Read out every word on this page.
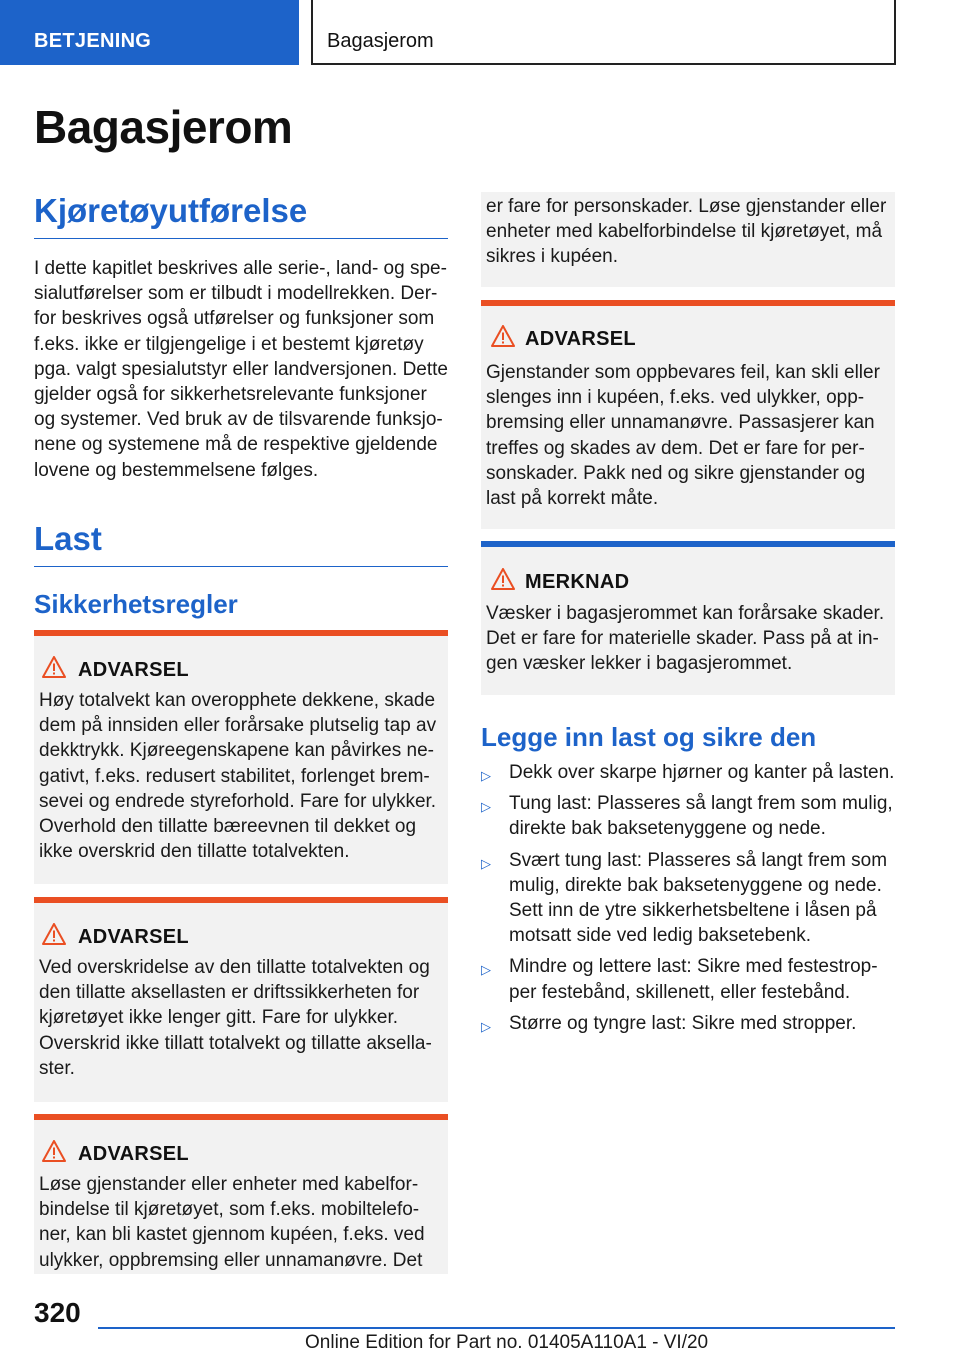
BETJENING	Bagasjerom
Bagasjerom
Kjøretøyutførelse
I dette kapitlet beskrives alle serie-, land- og spe-
sialutførelser som er tilbudt i modellrekken. Der-
for beskrives også utførelser og funksjoner som
f.eks. ikke er tilgjengelige i et bestemt kjøretøy
pga. valgt spesialutstyr eller landversjonen. Dette
gjelder også for sikkerhetsrelevante funksjoner
og systemer. Ved bruk av de tilsvarende funksjo-
nene og systemene må de respektive gjeldende
lovene og bestemmelsene følges.
Last
Sikkerhetsregler
ADVARSEL
Høy totalvekt kan overopphete dekkene, skade
dem på innsiden eller forårsake plutselig tap av
dekktrykk. Kjøreegenskapene kan påvirkes ne-
gativt, f.eks. redusert stabilitet, forlenget brem-
sevei og endrede styreforhold. Fare for ulykker.
Overhold den tillatte bæreevnen til dekket og
ikke overskrid den tillatte totalvekten.
ADVARSEL
Ved overskridelse av den tillatte totalvekten og
den tillatte aksellasten er driftssikkerheten for
kjøretøyet ikke lenger gitt. Fare for ulykker.
Overskrid ikke tillatt totalvekt og tillatte aksella-
ster.
ADVARSEL
Løse gjenstander eller enheter med kabelfor-
bindelse til kjøretøyet, som f.eks. mobiltelefo-
ner, kan bli kastet gjennom kupéen, f.eks. ved
ulykker, oppbremsing eller unnamanøvre. Det
er fare for personskader. Løse gjenstander eller
enheter med kabelforbindelse til kjøretøyet, må
sikres i kupéen.
ADVARSEL
Gjenstander som oppbevares feil, kan skli eller
slenges inn i kupéen, f.eks. ved ulykker, opp-
bremsing eller unnamanøvre. Passasjerer kan
treffes og skades av dem. Det er fare for per-
sonskader. Pakk ned og sikre gjenstander og
last på korrekt måte.
MERKNAD
Væsker i bagasjerommet kan forårsake skader.
Det er fare for materielle skader. Pass på at in-
gen væsker lekker i bagasjerommet.
Legge inn last og sikre den
▷ Dekk over skarpe hjørner og kanter på lasten.
▷ Tung last: Plasseres så langt frem som mulig,
direkte bak baksetenyggene og nede.
▷ Svært tung last: Plasseres så langt frem som
mulig, direkte bak baksetenyggene og nede.
Sett inn de ytre sikkerhetsbeltene i låsen på
motsatt side ved ledig baksetebenk.
▷ Mindre og lettere last: Sikre med festestrop-
per festebånd, skillenett, eller festebånd.
▷ Større og tyngre last: Sikre med stropper.
320
Online Edition for Part no. 01405A110A1 - VI/20
